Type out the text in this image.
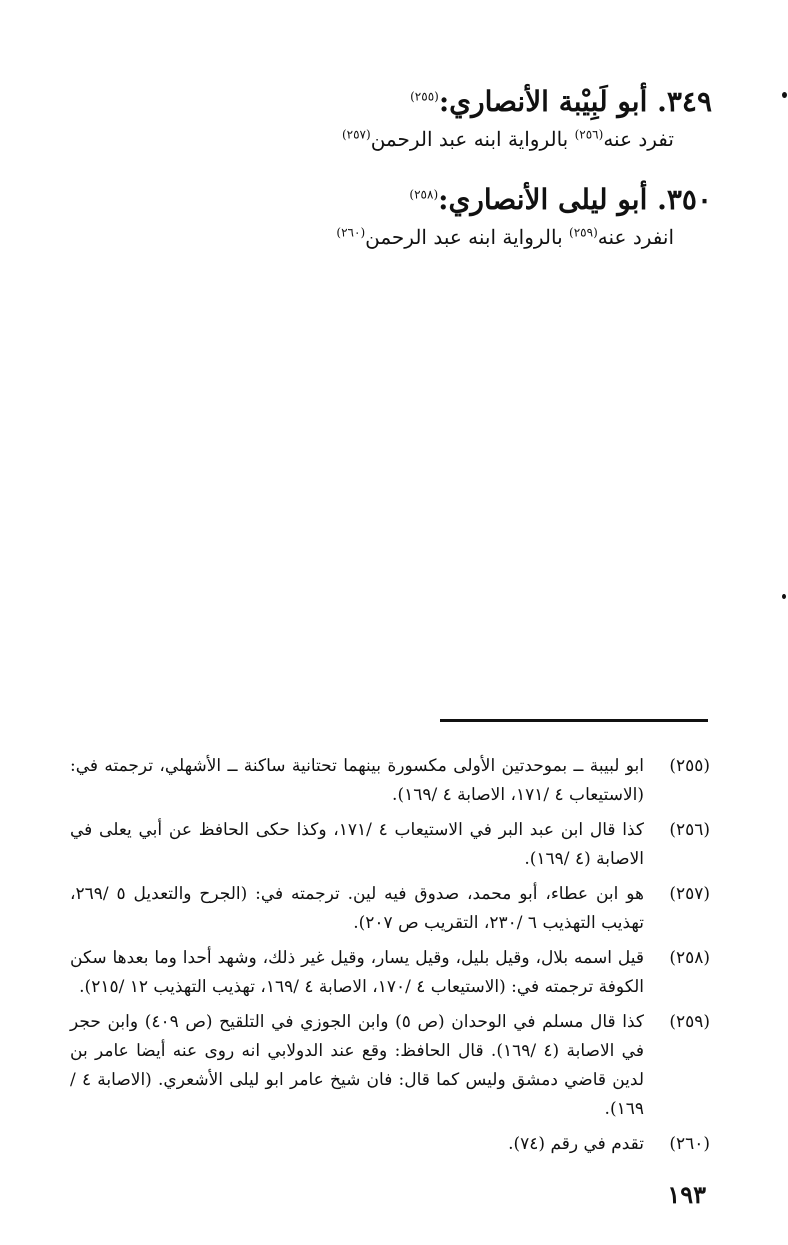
٣٤٩. أبو لَبِيْبة الأنصاري:$^{(٢٥٥)}$
تفرد عنه$^{(٢٥٦)}$ بالرواية ابنه عبد الرحمن$^{(٢٥٧)}$
٣٥٠. أبو ليلى الأنصاري:$^{(٢٥٨)}$
انفرد عنه$^{(٢٥٩)}$ بالرواية ابنه عبد الرحمن$^{(٢٦٠)}$
(٢٥٥)
ابو لبيبة ــ بموحدتين الأولى مكسورة بينهما تحتانية ساكنة ــ الأشهلي، ترجمته في: (الاستيعاب ٤ /١٧١، الاصابة ٤ /١٦٩).
(٢٥٦)
كذا قال ابن عبد البر في الاستيعاب ٤ /١٧١، وكذا حكى الحافظ عن أبي يعلى في الاصابة (٤ /١٦٩).
(٢٥٧)
هو ابن عطاء، أبو محمد، صدوق فيه لين. ترجمته في: (الجرح والتعديل ٥ /٢٦٩، تهذيب التهذيب ٦ /٢٣٠، التقريب ص ٢٠٧).
(٢٥٨)
قيل اسمه بلال، وقيل بليل، وقيل يسار، وقيل غير ذلك، وشهد أحدا وما بعدها سكن الكوفة ترجمته في: (الاستيعاب ٤ /١٧٠، الاصابة ٤ /١٦٩، تهذيب التهذيب ١٢ /٢١٥).
(٢٥٩)
كذا قال مسلم في الوحدان (ص ٥) وابن الجوزي في التلقيح (ص ٤٠٩) وابن حجر في الاصابة (٤ /١٦٩). قال الحافظ: وقع عند الدولابي انه روى عنه أيضا عامر بن لدين قاضي دمشق وليس كما قال: فان شيخ عامر ابو ليلى الأشعري. (الاصابة ٤ /١٦٩).
(٢٦٠)
تقدم في رقم (٧٤).
١٩٣
